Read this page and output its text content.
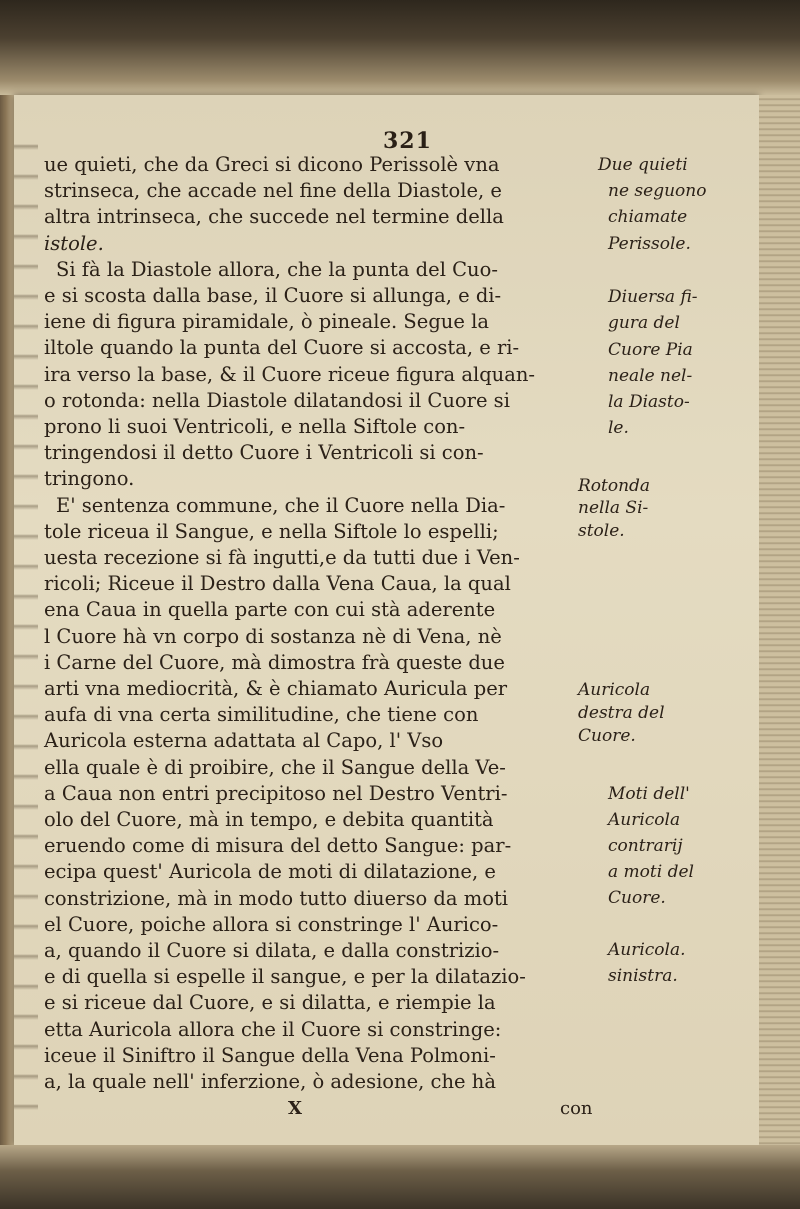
321
ue quieti, che da Greci si dicono Perissolè vna
strinseca, che accade nel fine della Diastole, e
altra intrinseca, che succede nel termine della
istole.
Si fà la Diastole allora, che la punta del Cuo-
e si scosta dalla base, il Cuore si allunga, e di-
iene di figura piramidale, ò pineale. Segue la
iltole quando la punta del Cuore si accosta, e ri-
ira verso la base, & il Cuore riceue figura alquan-
o rotonda: nella Diastole dilatandosi il Cuore si
prono li suoi Ventricoli, e nella Siftole con-
tringendosi il detto Cuore i Ventricoli si con-
tringono.
E' sentenza commune, che il Cuore nella Dia-
tole riceua il Sangue, e nella Siftole lo espelli;
uesta recezione si fà ingutti,e da tutti due i Ven-
ricoli; Riceue il Destro dalla Vena Caua, la qual
ena Caua in quella parte con cui stà aderente
l Cuore hà vn corpo di sostanza nè di Vena, nè
i Carne del Cuore, mà dimostra frà queste due
arti vna mediocrità, & è chiamato Auricula per
aufa di vna certa similitudine, che tiene con
Auricola esterna adattata al Capo, l' Vso
ella quale è di proibire, che il Sangue della Ve-
a Caua non entri precipitoso nel Destro Ventri-
olo del Cuore, mà in tempo, e debita quantità
eruendo come di misura del detto Sangue: par-
ecipa quest' Auricola de moti di dilatazione, e
constrizione, mà in modo tutto diuerso da moti
el Cuore, poiche allora si constringe l' Aurico-
a, quando il Cuore si dilata, e dalla constrizio-
e di quella si espelle il sangue, e per la dilatazio-
e si riceue dal Cuore, e si dilatta, e riempie la
etta Auricola allora che il Cuore si constringe:
iceue il Siniftro il Sangue della Vena Polmoni-
a, la quale nell' inferzione, ò adesione, che hà
Due quieti
ne seguono
chiamate
Perissole.
Diuersa fi-
gura del
Cuore Pia
neale nel-
la Diasto-
le.
Rotonda
nella Si-
stole.
Auricola
destra del
Cuore.
Moti dell'
Auricola
contrarij
a moti del
Cuore.
Auricola.
sinistra.
X	con
